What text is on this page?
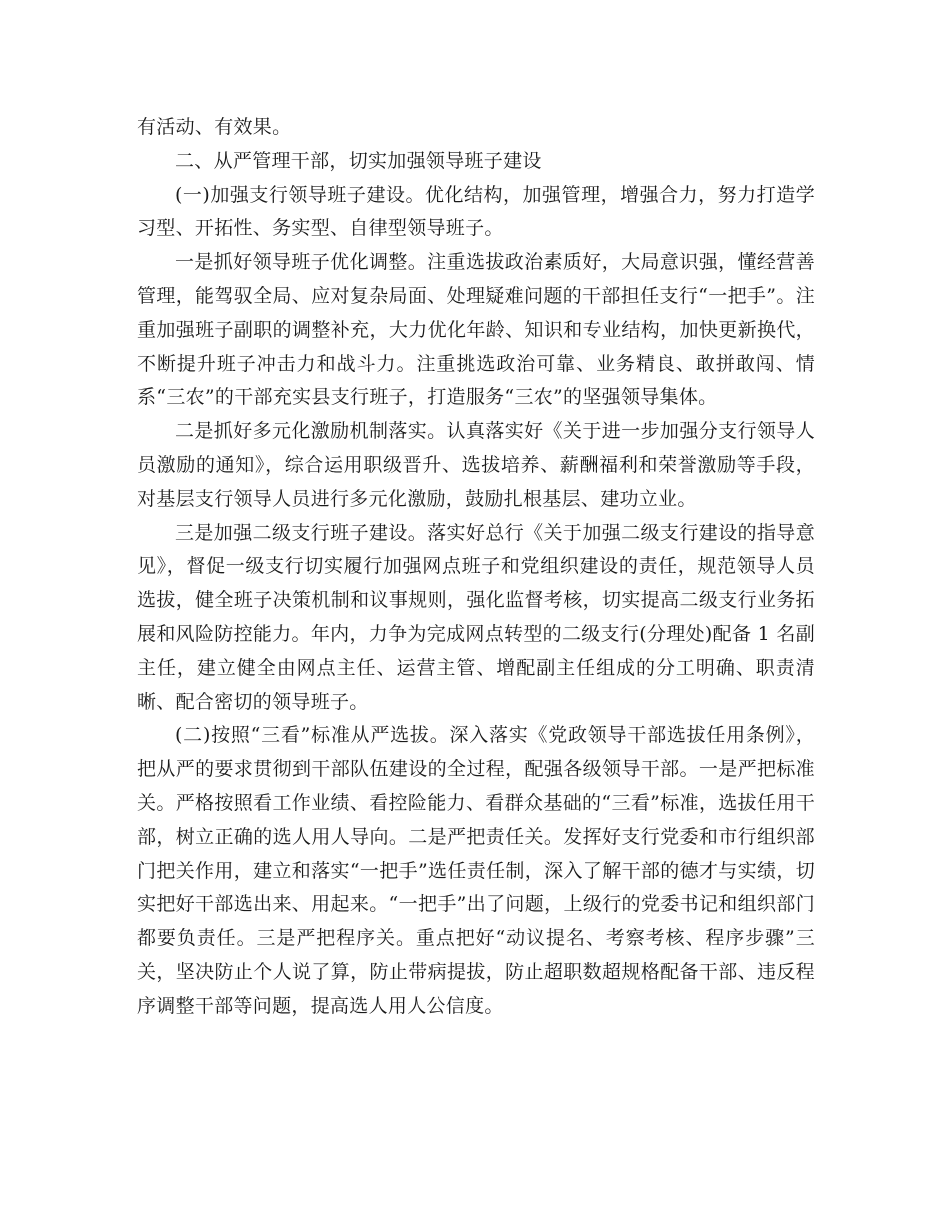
有活动、有效果。

二、从严管理干部，切实加强领导班子建设

(一)加强支行领导班子建设。优化结构，加强管理，增强合力，努力打造学习型、开拓性、务实型、自律型领导班子。

一是抓好领导班子优化调整。注重选拔政治素质好，大局意识强，懂经营善管理，能驾驭全局、应对复杂局面、处理疑难问题的干部担任支行“一把手”。注重加强班子副职的调整补充，大力优化年龄、知识和专业结构，加快更新换代，不断提升班子冲击力和战斗力。注重挑选政治可靠、业务精良、敢拼敢闯、情系“三农”的干部充实县支行班子，打造服务“三农”的坚强领导集体。

二是抓好多元化激励机制落实。认真落实好《关于进一步加强分支行领导人员激励的通知》，综合运用职级晋升、选拔培养、薪酬福利和荣誉激励等手段，对基层支行领导人员进行多元化激励，鼓励扎根基层、建功立业。

三是加强二级支行班子建设。落实好总行《关于加强二级支行建设的指导意见》，督促一级支行切实履行加强网点班子和党组织建设的责任，规范领导人员选拔，健全班子决策机制和议事规则，强化监督考核，切实提高二级支行业务拓展和风险防控能力。年内，力争为完成网点转型的二级支行(分理处)配备 1 名副主任，建立健全由网点主任、运营主管、增配副主任组成的分工明确、职责清晰、配合密切的领导班子。

(二)按照“三看”标准从严选拔。深入落实《党政领导干部选拔任用条例》，把从严的要求贯彻到干部队伍建设的全过程，配强各级领导干部。一是严把标准关。严格按照看工作业绩、看控险能力、看群众基础的“三看”标准，选拔任用干部，树立正确的选人用人导向。二是严把责任关。发挥好支行党委和市行组织部门把关作用，建立和落实“一把手”选任责任制，深入了解干部的德才与实绩，切实把好干部选出来、用起来。“一把手”出了问题，上级行的党委书记和组织部门都要负责任。三是严把程序关。重点把好“动议提名、考察考核、程序步骤”三关，坚决防止个人说了算，防止带病提拔，防止超职数超规格配备干部、违反程序调整干部等问题，提高选人用人公信度。
